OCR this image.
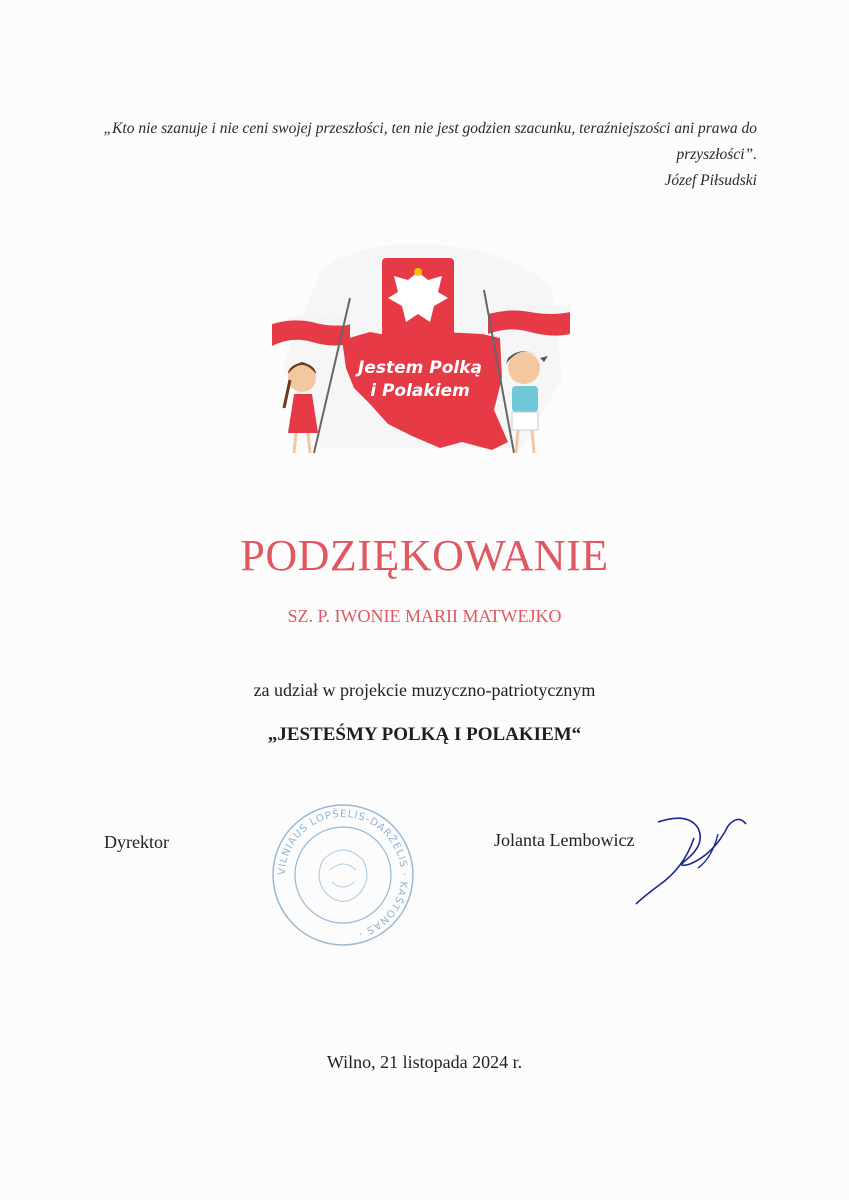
„Kto nie szanuje i nie ceni swojej przeszłości, ten nie jest godzien szacunku, teraźniejszości ani prawa do przyszłości”.
Józef Piłsudski
Jestem Polką
i Polakiem
PODZIĘKOWANIE
SZ. P. IWONIE MARII MATWEJKO
za udział w projekcie muzyczno-patriotycznym
„JESTEŚMY POLKĄ I POLAKIEM“
Dyrektor
VILNIAUS LOPŠELIS-DARŽELIS · KAŠTONAS ·
Jolanta Lembowicz
Wilno, 21 listopada 2024 r.
